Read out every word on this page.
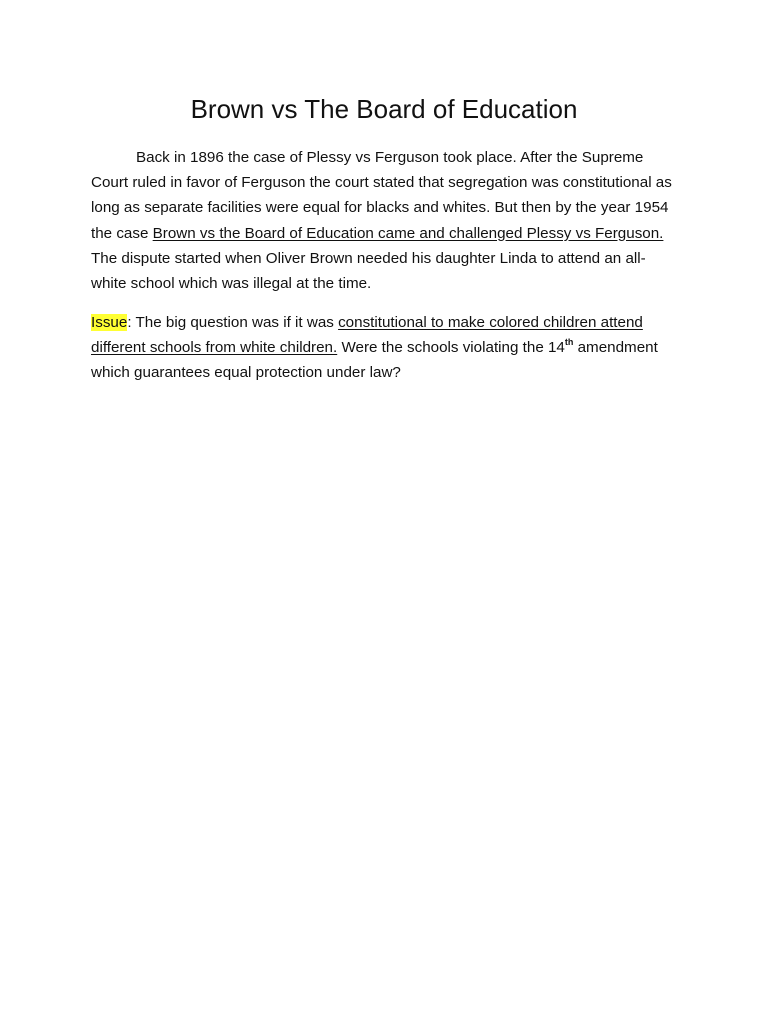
Brown vs The Board of Education

Back in 1896 the case of Plessy vs Ferguson took place. After the Supreme Court ruled in favor of Ferguson the court stated that segregation was constitutional as long as separate facilities were equal for blacks and whites. But then by the year 1954 the case Brown vs the Board of Education came and challenged Plessy vs Ferguson. The dispute started when Oliver Brown needed his daughter Linda to attend an all-white school which was illegal at the time.

Issue: The big question was if it was constitutional to make colored children attend different schools from white children. Were the schools violating the 14th amendment which guarantees equal protection under law?
